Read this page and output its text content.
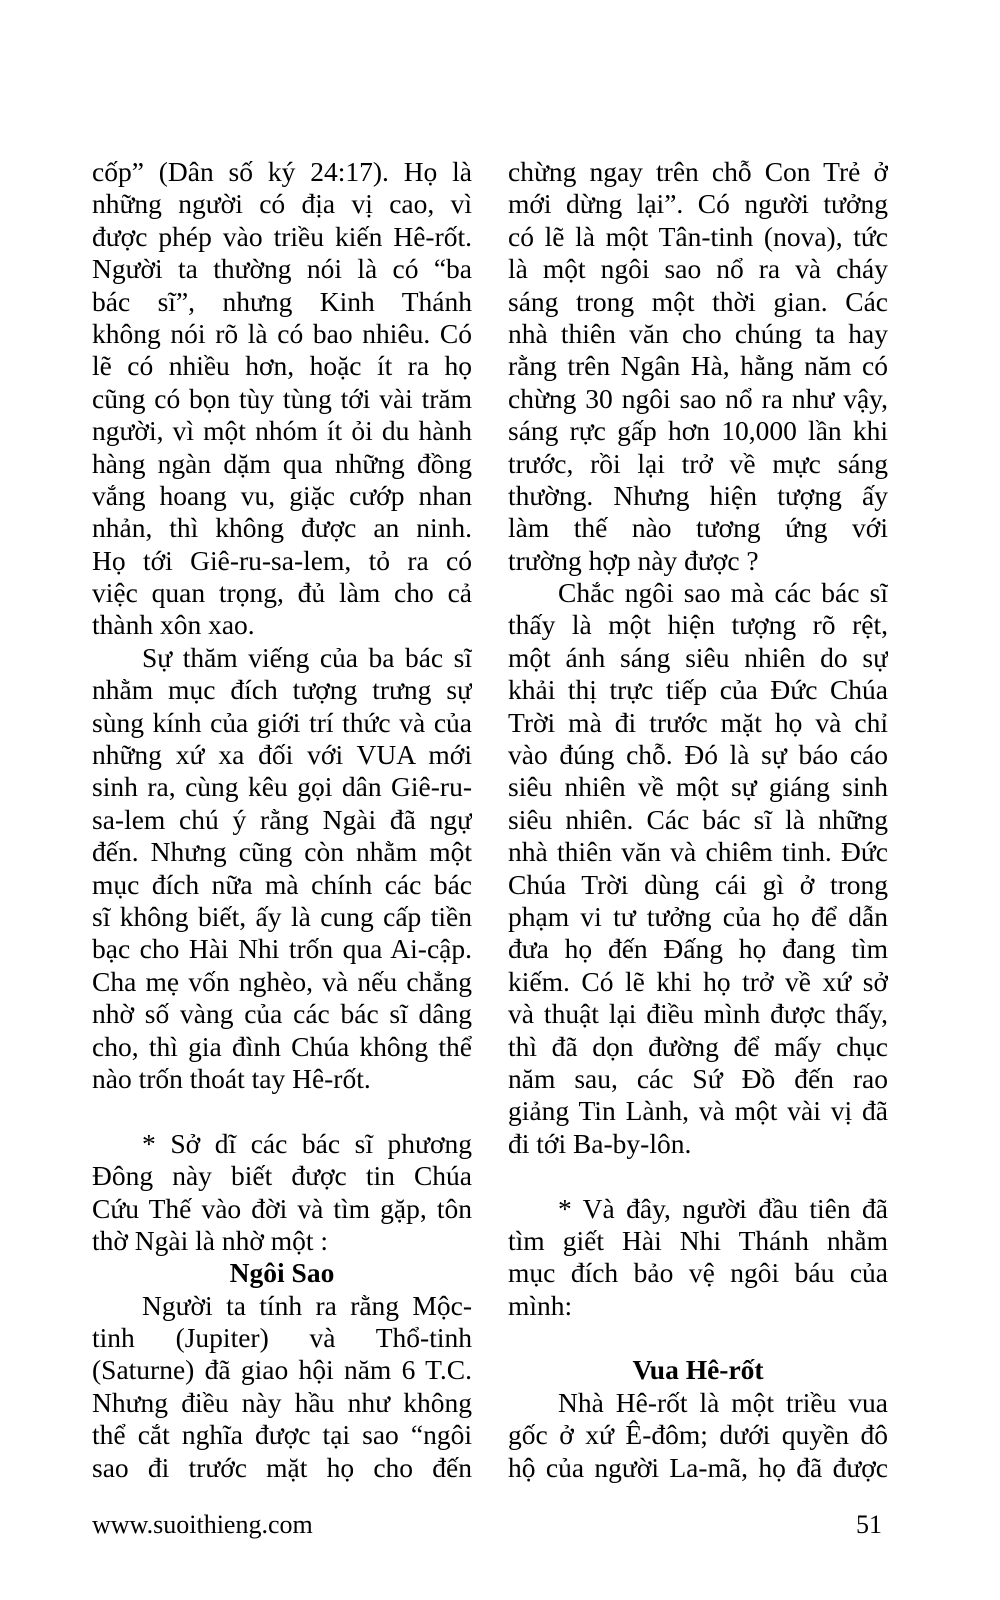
cốp” (Dân số ký 24:17). Họ là
những người có địa vị cao, vì
được phép vào triều kiến Hê-rốt.
Người ta thường nói là có “ba
bác sĩ”, nhưng Kinh Thánh
không nói rõ là có bao nhiêu. Có
lẽ có nhiều hơn, hoặc ít ra họ
cũng có bọn tùy tùng tới vài trăm
người, vì một nhóm ít ỏi du hành
hàng ngàn dặm qua những đồng
vắng hoang vu, giặc cướp nhan
nhản, thì không được an ninh.
Họ tới Giê-ru-sa-lem, tỏ ra có
việc quan trọng, đủ làm cho cả
thành xôn xao.
Sự thăm viếng của ba bác sĩ
nhằm mục đích tượng trưng sự
sùng kính của giới trí thức và của
những xứ xa đối với VUA mới
sinh ra, cùng kêu gọi dân Giê-ru-
sa-lem chú ý rằng Ngài đã ngự
đến. Nhưng cũng còn nhằm một
mục đích nữa mà chính các bác
sĩ không biết, ấy là cung cấp tiền
bạc cho Hài Nhi trốn qua Ai-cập.
Cha mẹ vốn nghèo, và nếu chẳng
nhờ số vàng của các bác sĩ dâng
cho, thì gia đình Chúa không thể
nào trốn thoát tay Hê-rốt.
* Sở dĩ các bác sĩ phương
Đông này biết được tin Chúa
Cứu Thế vào đời và tìm gặp, tôn
thờ Ngài là nhờ một :
Ngôi Sao
Người ta tính ra rằng Mộc-
tinh (Jupiter) và Thổ-tinh
(Saturne) đã giao hội năm 6 T.C.
Nhưng điều này hầu như không
thể cắt nghĩa được tại sao “ngôi
sao đi trước mặt họ cho đến
chừng ngay trên chỗ Con Trẻ ở
mới dừng lại”. Có người tưởng
có lẽ là một Tân-tinh (nova), tức
là một ngôi sao nổ ra và cháy
sáng trong một thời gian. Các
nhà thiên văn cho chúng ta hay
rằng trên Ngân Hà, hằng năm có
chừng 30 ngôi sao nổ ra như vậy,
sáng rực gấp hơn 10,000 lần khi
trước, rồi lại trở về mực sáng
thường. Nhưng hiện tượng ấy
làm thế nào tương ứng với
trường hợp này được ?
Chắc ngôi sao mà các bác sĩ
thấy là một hiện tượng rõ rệt,
một ánh sáng siêu nhiên do sự
khải thị trực tiếp của Đức Chúa
Trời mà đi trước mặt họ và chỉ
vào đúng chỗ. Đó là sự báo cáo
siêu nhiên về một sự giáng sinh
siêu nhiên. Các bác sĩ là những
nhà thiên văn và chiêm tinh. Đức
Chúa Trời dùng cái gì ở trong
phạm vi tư tưởng của họ để dẫn
đưa họ đến Đấng họ đang tìm
kiếm. Có lẽ khi họ trở về xứ sở
và thuật lại điều mình được thấy,
thì đã dọn đường để mấy chục
năm sau, các Sứ Đồ đến rao
giảng Tin Lành, và một vài vị đã
đi tới Ba-by-lôn.
* Và đây, người đầu tiên đã
tìm giết Hài Nhi Thánh nhằm
mục đích bảo vệ ngôi báu của
mình:
Vua Hê-rốt
Nhà Hê-rốt là một triều vua
gốc ở xứ Ê-đôm; dưới quyền đô
hộ của người La-mã, họ đã được
www.suoithieng.com	51
